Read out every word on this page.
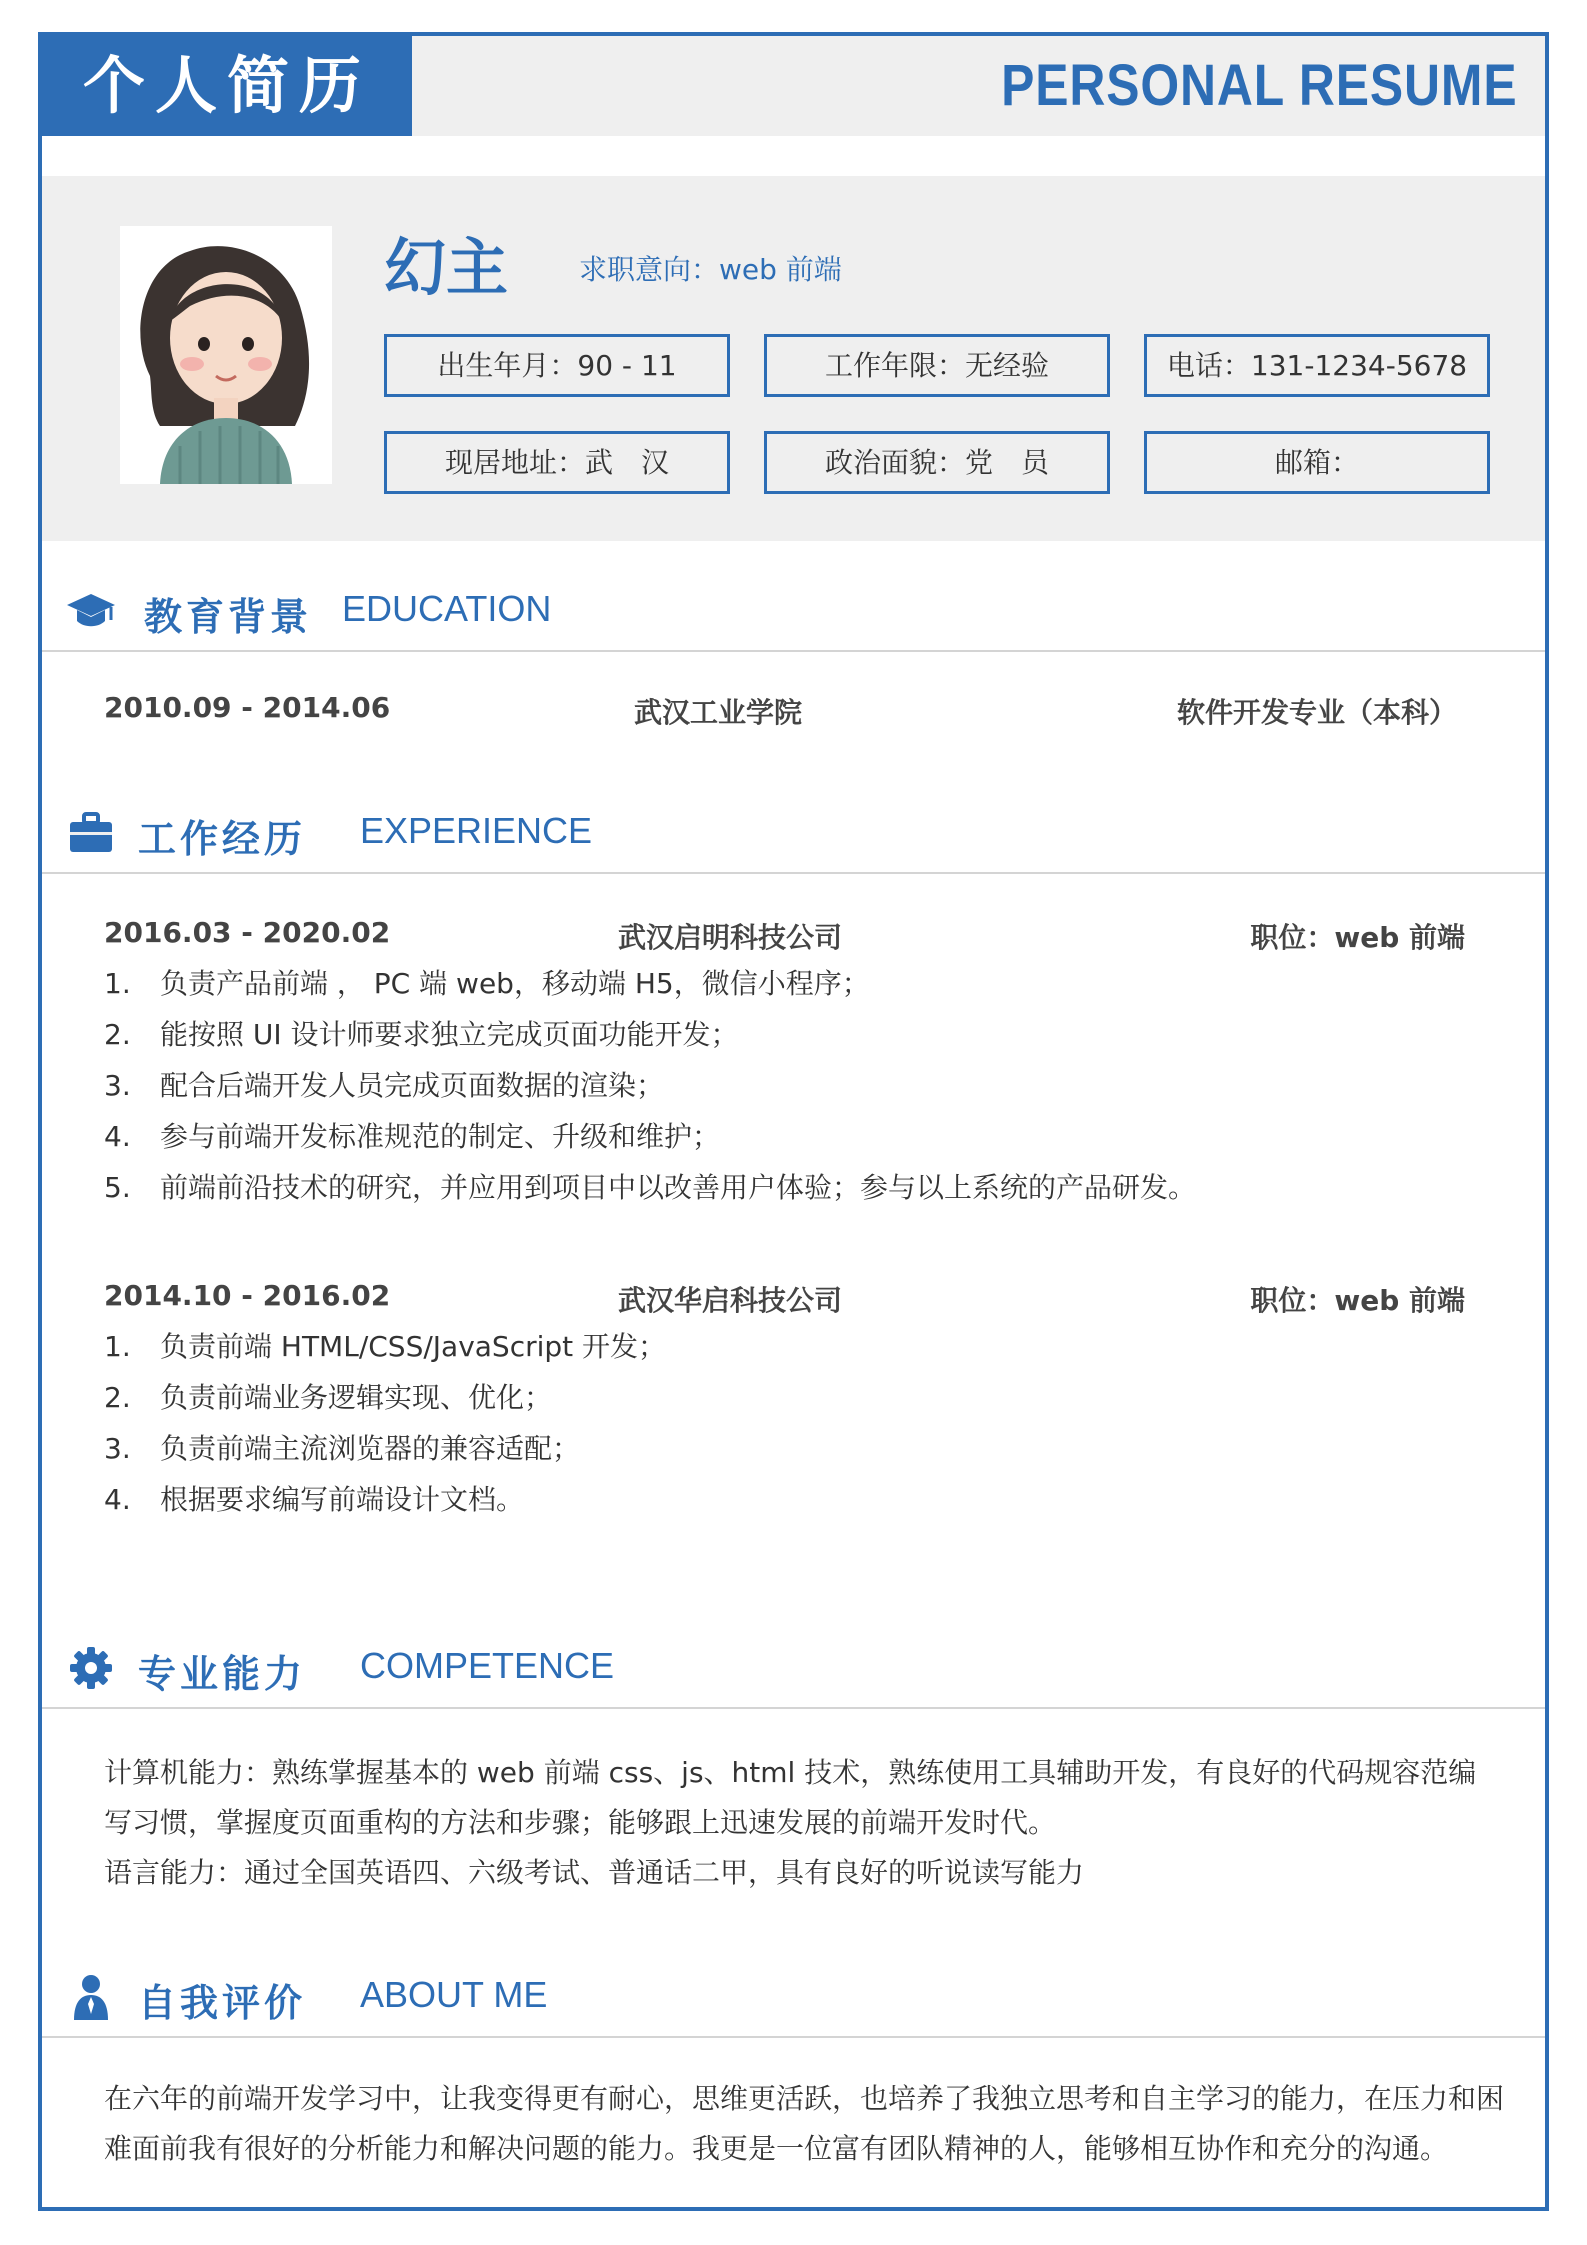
个人简历	PERSONAL RESUME
幻主	求职意向：web 前端
出生年月：90 - 11	工作年限：无经验	电话：131-1234-5678
现居地址：武　汉	政治面貌：党　员	邮箱：
教育背景 EDUCATION
2010.09 - 2014.06	武汉工业学院	软件开发专业（本科）
工作经历 EXPERIENCE
2016.03 - 2020.02	武汉启明科技公司	职位：web 前端
1. 负责产品前端 ， PC 端 web，移动端 H5，微信小程序；
2. 能按照 UI 设计师要求独立完成页面功能开发；
3. 配合后端开发人员完成页面数据的渲染；
4. 参与前端开发标准规范的制定、升级和维护；
5. 前端前沿技术的研究，并应用到项目中以改善用户体验；参与以上系统的产品研发。
2014.10 - 2016.02	武汉华启科技公司	职位：web 前端
1. 负责前端 HTML/CSS/JavaScript 开发；
2. 负责前端业务逻辑实现、优化；
3. 负责前端主流浏览器的兼容适配；
4. 根据要求编写前端设计文档。
专业能力 COMPETENCE
计算机能力：熟练掌握基本的 web 前端 css、js、html 技术，熟练使用工具辅助开发，有良好的代码规容范编写习惯，掌握度页面重构的方法和步骤；能够跟上迅速发展的前端开发时代。
语言能力：通过全国英语四、六级考试、普通话二甲，具有良好的听说读写能力
自我评价 ABOUT ME
在六年的前端开发学习中，让我变得更有耐心，思维更活跃，也培养了我独立思考和自主学习的能力，在压力和困难面前我有很好的分析能力和解决问题的能力。我更是一位富有团队精神的人，能够相互协作和充分的沟通。
